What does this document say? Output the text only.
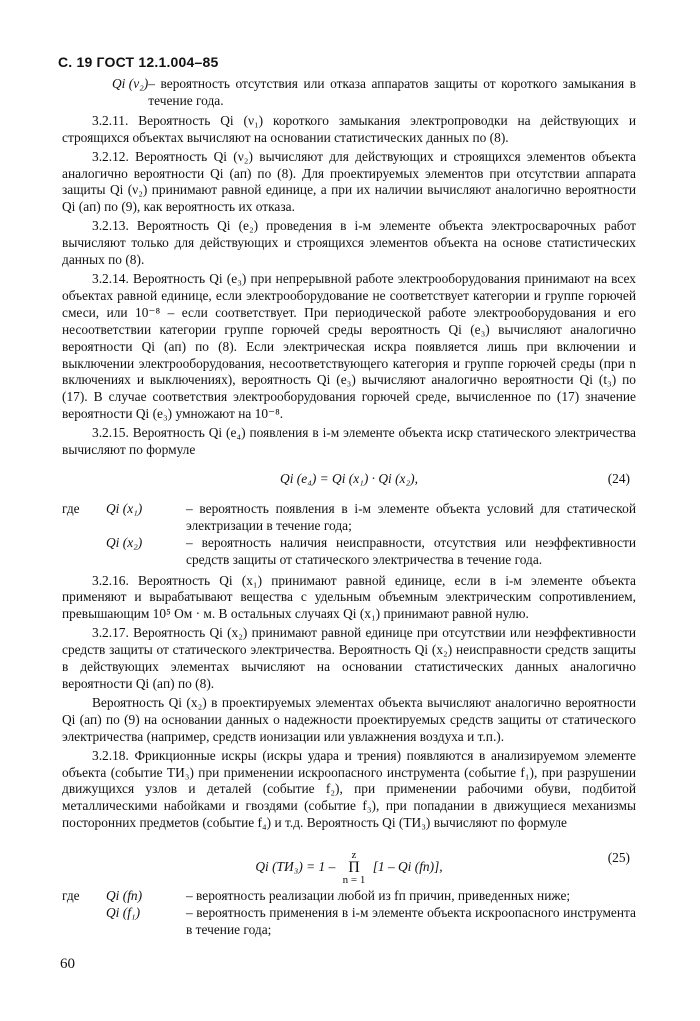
С. 19 ГОСТ 12.1.004–85
Qi (ν₂) – вероятность отсутствия или отказа аппаратов защиты от короткого замыкания в течение года.

3.2.11. Вероятность Qi (ν₁) короткого замыкания электропроводки на действующих и строящихся объектах вычисляют на основании статистических данных по (8).

3.2.12. Вероятность Qi (ν₂) вычисляют для действующих и строящихся элементов объекта аналогично вероятности Qi (aп) по (8). Для проектируемых элементов при отсутствии аппарата защиты Qi (ν₂) принимают равной единице, а при их наличии вычисляют аналогично вероятности Qi (aп) по (9), как вероятность их отказа.

3.2.13. Вероятность Qi (e₂) проведения в i-м элементе объекта электросварочных работ вычисляют только для действующих и строящихся элементов объекта на основе статистических данных по (8).

3.2.14. Вероятность Qi (e₃) при непрерывной работе электрооборудования принимают на всех объектах равной единице, если электрооборудование не соответствует категории и группе горючей смеси, или 10⁻⁸ – если соответствует. При периодической работе электрооборудования и его несоответствии категории группе горючей среды вероятность Qi (e₃) вычисляют аналогично вероятности Qi (aп) по (8). Если электрическая искра появляется лишь при включении и выключении электрооборудования, несоответствующего категория и группе горючей среды (при n включениях и выключениях), вероятность Qi (e₃) вычисляют аналогично вероятности Qi (t₃) по (17). В случае соответствия электрооборудования горючей среде, вычисленное по (17) значение вероятности Qi (e₃) умножают на 10⁻⁸.

3.2.15. Вероятность Qi (e₄) появления в i-м элементе объекта искр статического электричества вычисляют по формуле

Qi (e₄) = Qi (x₁) · Qi (x₂),	(24)
где	Qi (x₁)	– вероятность появления в i-м элементе объекта условий для статической электризации в течение года;
Qi (x₂)	– вероятность наличия неисправности, отсутствия или неэффективности средств защиты от статического электричества в течение года.

3.2.16. Вероятность Qi (x₁) принимают равной единице, если в i-м элементе объекта применяют и вырабатывают вещества с удельным объемным электрическим сопротивлением, превышающим 10⁵ Ом · м. В остальных случаях Qi (x₁) принимают равной нулю.

3.2.17. Вероятность Qi (x₂) принимают равной единице при отсутствии или неэффективности средств защиты от статического электричества. Вероятность Qi (x₂) неисправности средств защиты в действующих элементах вычисляют на основании статистических данных аналогично вероятности Qi (aп) по (8).

Вероятность Qi (x₂) в проектируемых элементах объекта вычисляют аналогично вероятности Qi (aп) по (9) на основании данных о надежности проектируемых средств защиты от статического электричества (например, средств ионизации или увлажнения воздуха и т.п.).

3.2.18. Фрикционные искры (искры удара и трения) появляются в анализируемом элементе объекта (событие ТИ₃) при применении искроопасного инструмента (событие f₁), при разрушении движущихся узлов и деталей (событие f₂), при применении рабочими обуви, подбитой металлическими набойками и гвоздями (событие f₃), при попадании в движущиеся механизмы посторонних предметов (событие f₄) и т.д. Вероятность Qi (ТИ₃) вычисляют по формуле

Qi (ТИ₃) = 1 –
z
Π
n = 1
[1 – Qi (fп)],
(25)
где	Qi (fп)	– вероятность реализации любой из fп причин, приведенных ниже;
Qi (f₁)	– вероятность применения в i-м элементе объекта искроопасного инструмента в течение года;
60
